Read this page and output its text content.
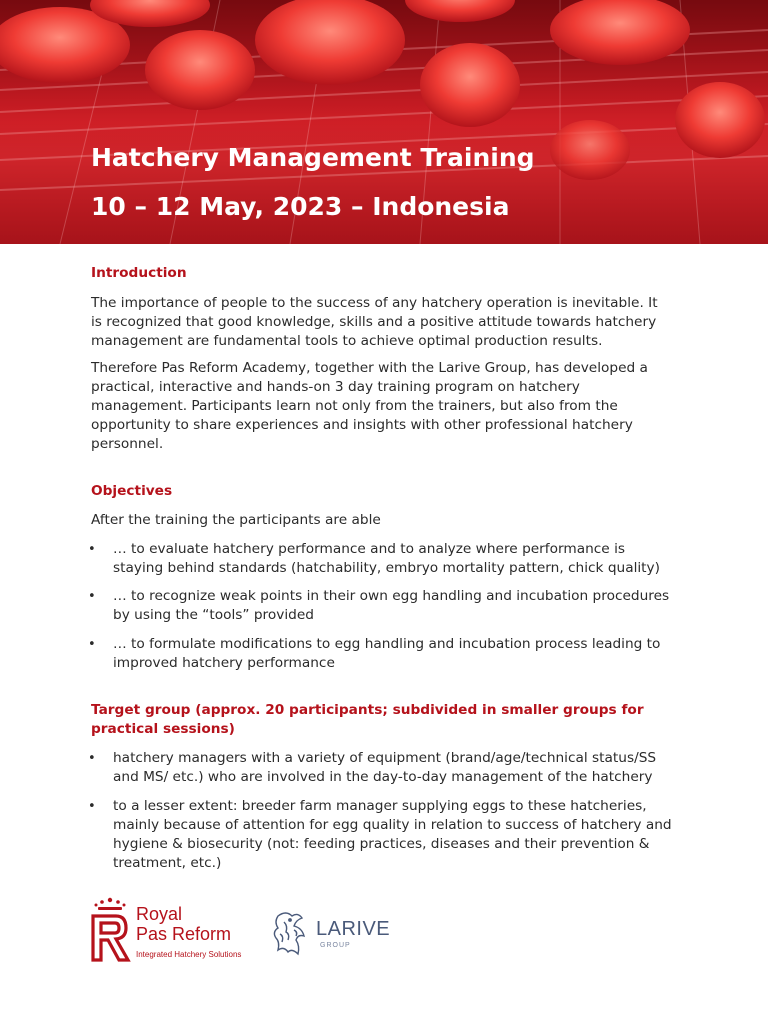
Hatchery Management Training
10 – 12 May, 2023 – Indonesia
Introduction

The importance of people to the success of any hatchery operation is inevitable. It

is recognized that good knowledge, skills and a positive attitude towards hatchery

management are fundamental tools to achieve optimal production results.

Therefore Pas Reform Academy, together with the Larive Group, has developed a

practical, interactive and hands-on 3 day training program on hatchery

management. Participants learn not only from the trainers, but also from the

opportunity to share experiences and insights with other professional hatchery

personnel.

Objectives

After the training the participants are able

• … to evaluate hatchery performance and to analyze where performance is

staying behind standards (hatchability, embryo mortality pattern, chick quality)

• … to recognize weak points in their own egg handling and incubation procedures

by using the “tools” provided

• … to formulate modifications to egg handling and incubation process leading to

improved hatchery performance

Target group (approx. 20 participants; subdivided in smaller groups for
practical sessions)
• hatchery managers with a variety of equipment (brand/age/technical status/SS

and MS/ etc.) who are involved in the day-to-day management of the hatchery

• to a lesser extent: breeder farm manager supplying eggs to these hatcheries,

mainly because of attention for egg quality in relation to success of hatchery and

hygiene & biosecurity (not: feeding practices, diseases and their prevention &

treatment, etc.)

Royal
Pas Reform
Integrated Hatchery Solutions
LARIVE
GROUP
